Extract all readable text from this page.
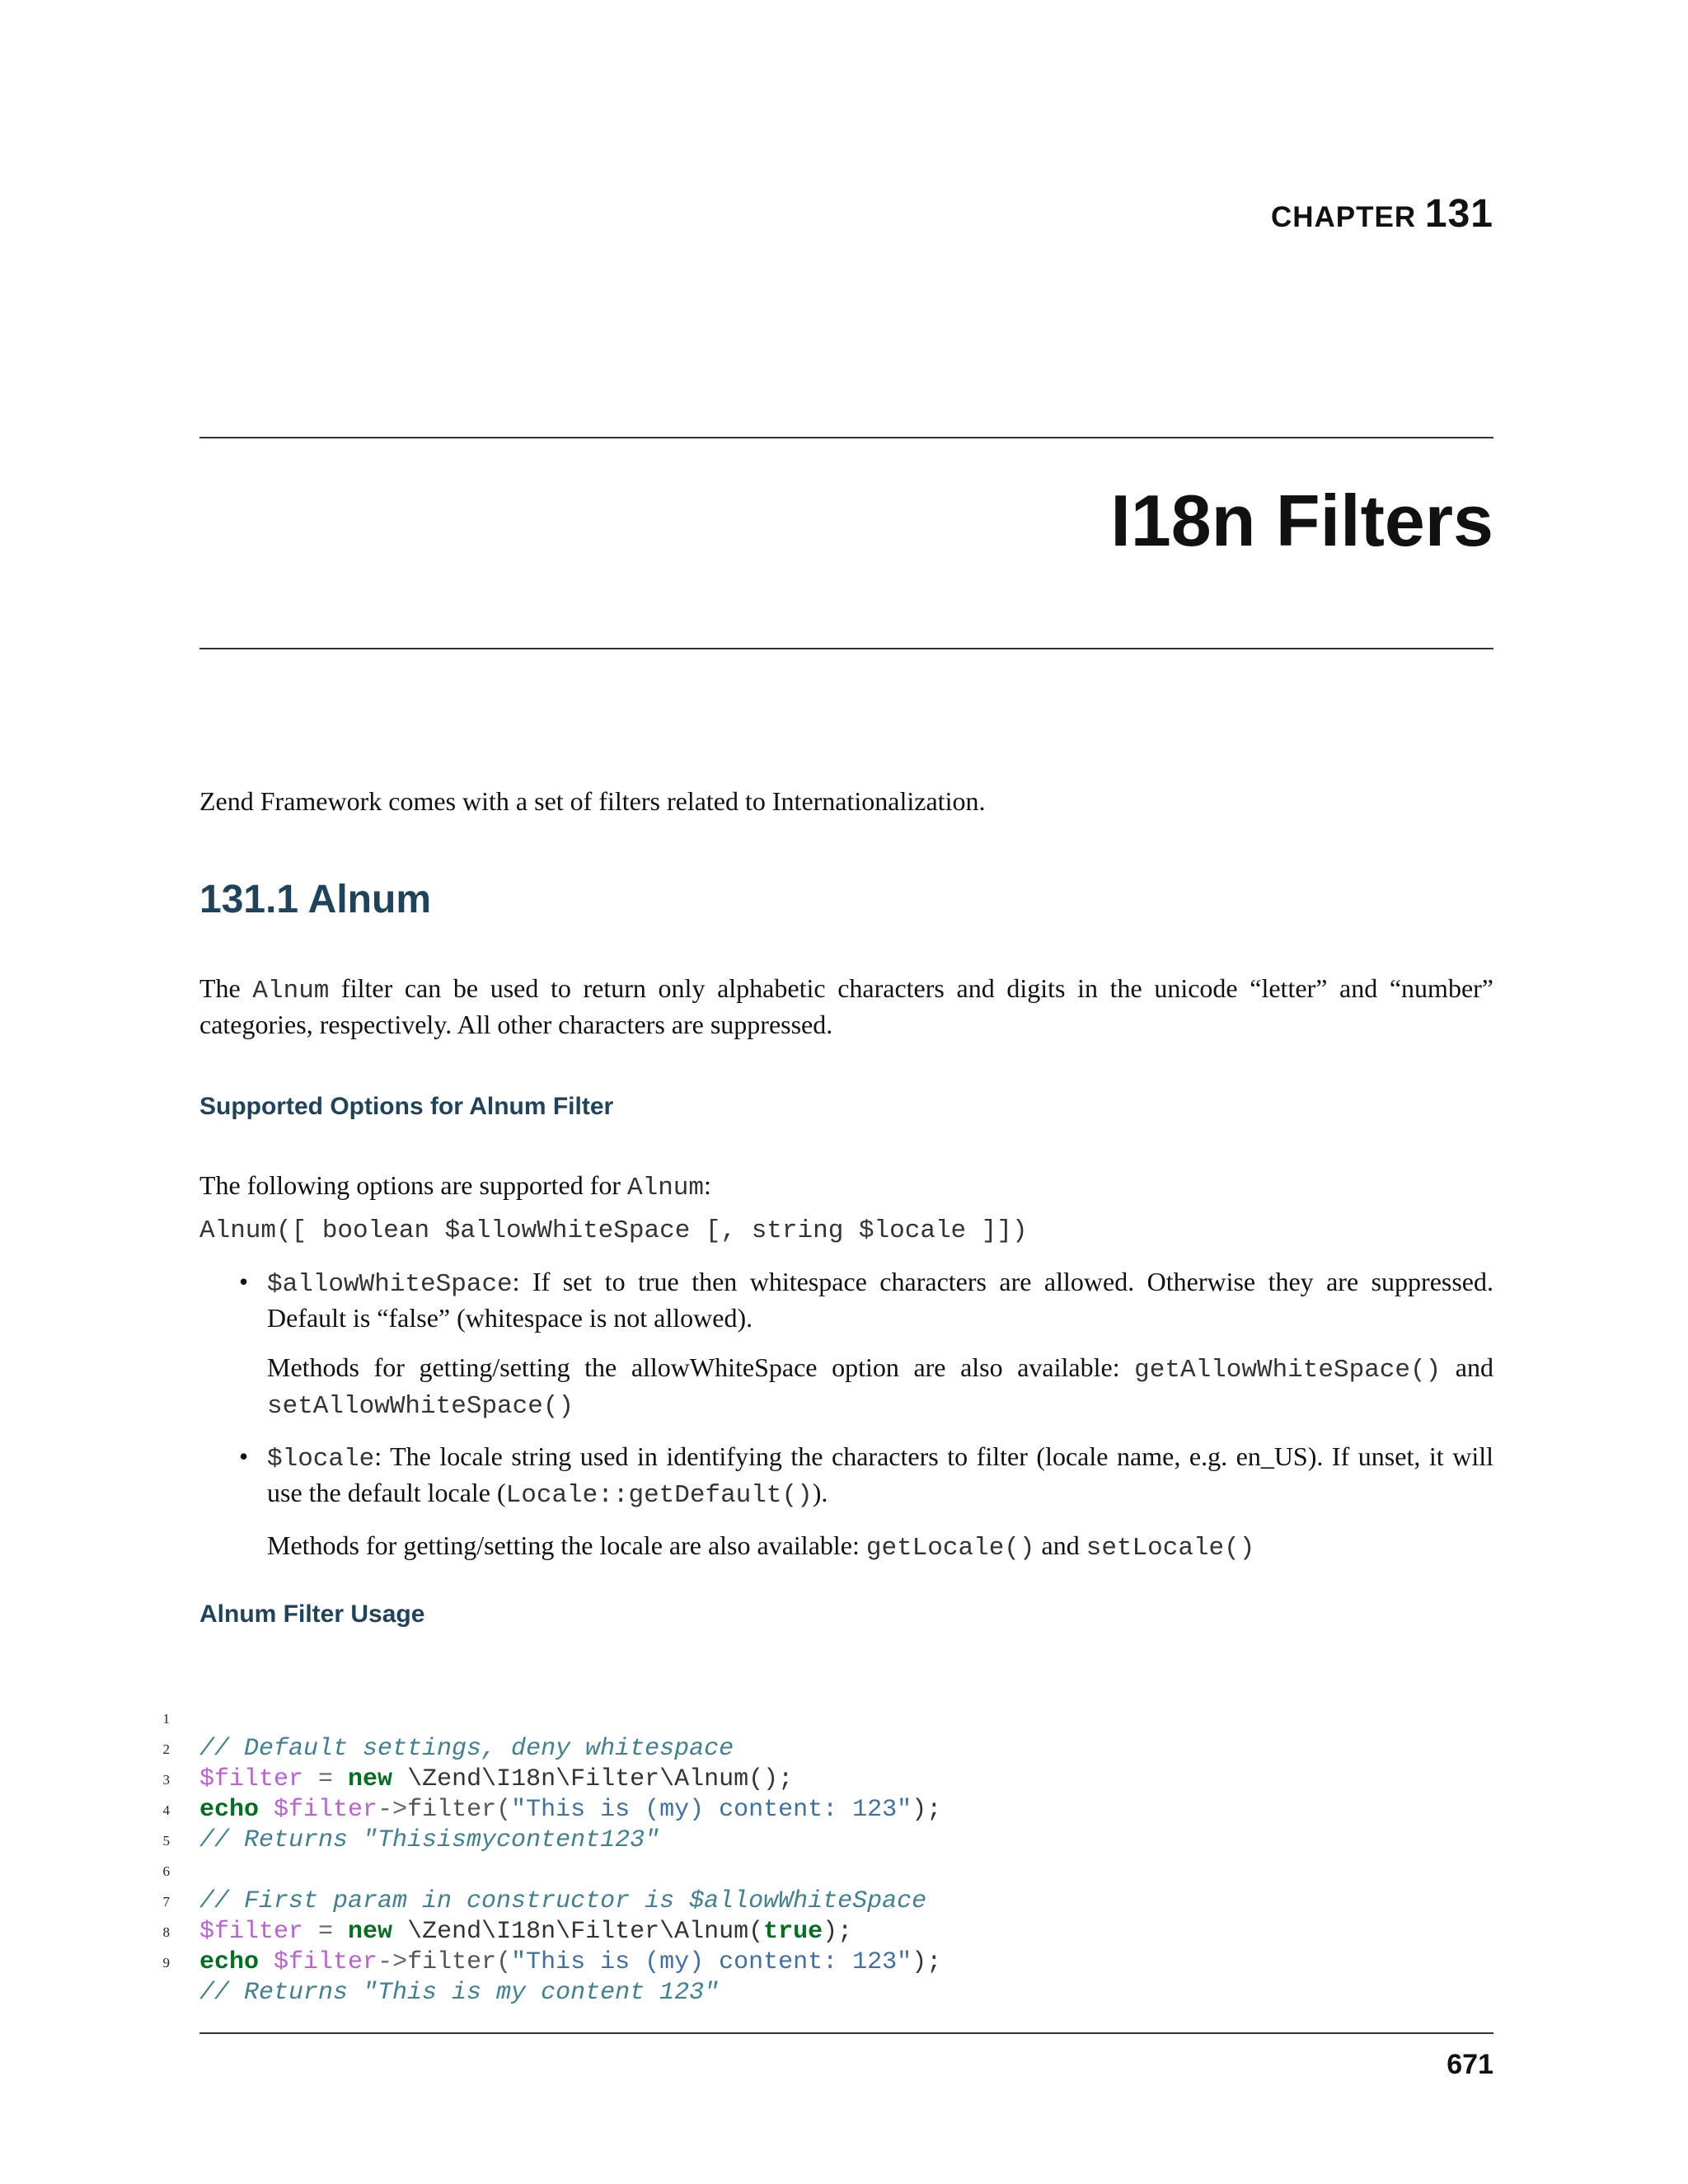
CHAPTER 131
I18n Filters

Zend Framework comes with a set of filters related to Internationalization.

131.1 Alnum

The Alnum filter can be used to return only alphabetic characters and digits in the unicode “letter” and “number” categories, respectively. All other characters are suppressed.

Supported Options for Alnum Filter

The following options are supported for Alnum:

Alnum([ boolean $allowWhiteSpace [, string $locale ]])
• $allowWhiteSpace: If set to true then whitespace characters are allowed. Otherwise they are suppressed. Default is “false” (whitespace is not allowed).

Methods for getting/setting the allowWhiteSpace option are also available: getAllowWhiteSpace() and setAllowWhiteSpace()

• $locale: The locale string used in identifying the characters to filter (locale name, e.g. en_US). If unset, it will use the default locale (Locale::getDefault()).

Methods for getting/setting the locale are also available: getLocale() and setLocale()

Alnum Filter Usage

1

// Default settings, deny whitespace

2

$filter = new \Zend\I18n\Filter\Alnum();

3

echo $filter->filter("This is (my) content: 123");

4

// Returns "Thisismycontent123"

5

6

// First param in constructor is $allowWhiteSpace

7

$filter = new \Zend\I18n\Filter\Alnum(true);

8

echo $filter->filter("This is (my) content: 123");

9

// Returns "This is my content 123"

671
